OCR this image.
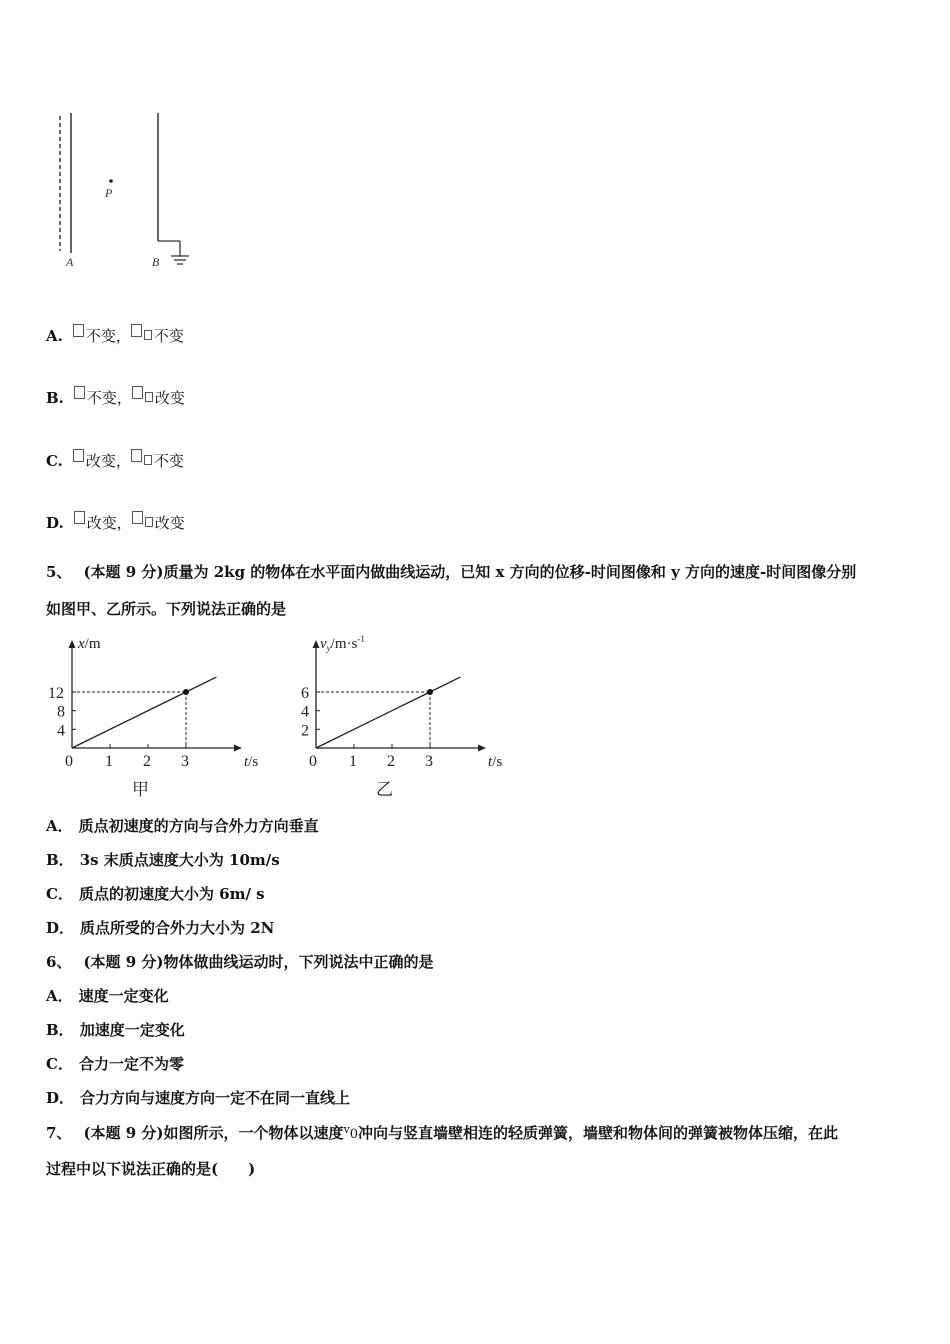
P
A	B
A. 不变， 不变
B. 不变， 改变
C. 改变， 不变
D. 改变， 改变
5、 (本题 9 分)质量为 2kg 的物体在水平面内做曲线运动，已知 x 方向的位移-时间图像和 y 方向的速度-时间图像分别
如图甲、乙所示。下列说法正确的是
0 1 2 3
4
8
12
t/s
x/m
甲
0 1 2 3
2
4
6
t/s
$v_y/m\cdot s^{-1}$
乙
A． 质点初速度的方向与合外力方向垂直
B． 3s 末质点速度大小为 10m/s
C． 质点的初速度大小为 6m/ s
D． 质点所受的合外力大小为 2N
6、 (本题 9 分)物体做曲线运动时，下列说法中正确的是
A． 速度一定变化
B． 加速度一定变化
C． 合力一定不为零
D． 合力方向与速度方向一定不在同一直线上
7、 (本题 9 分)如图所示，一个物体以速度$^v$0冲向与竖直墙壁相连的轻质弹簧，墙壁和物体间的弹簧被物体压缩，在此
过程中以下说法正确的是(　　)
